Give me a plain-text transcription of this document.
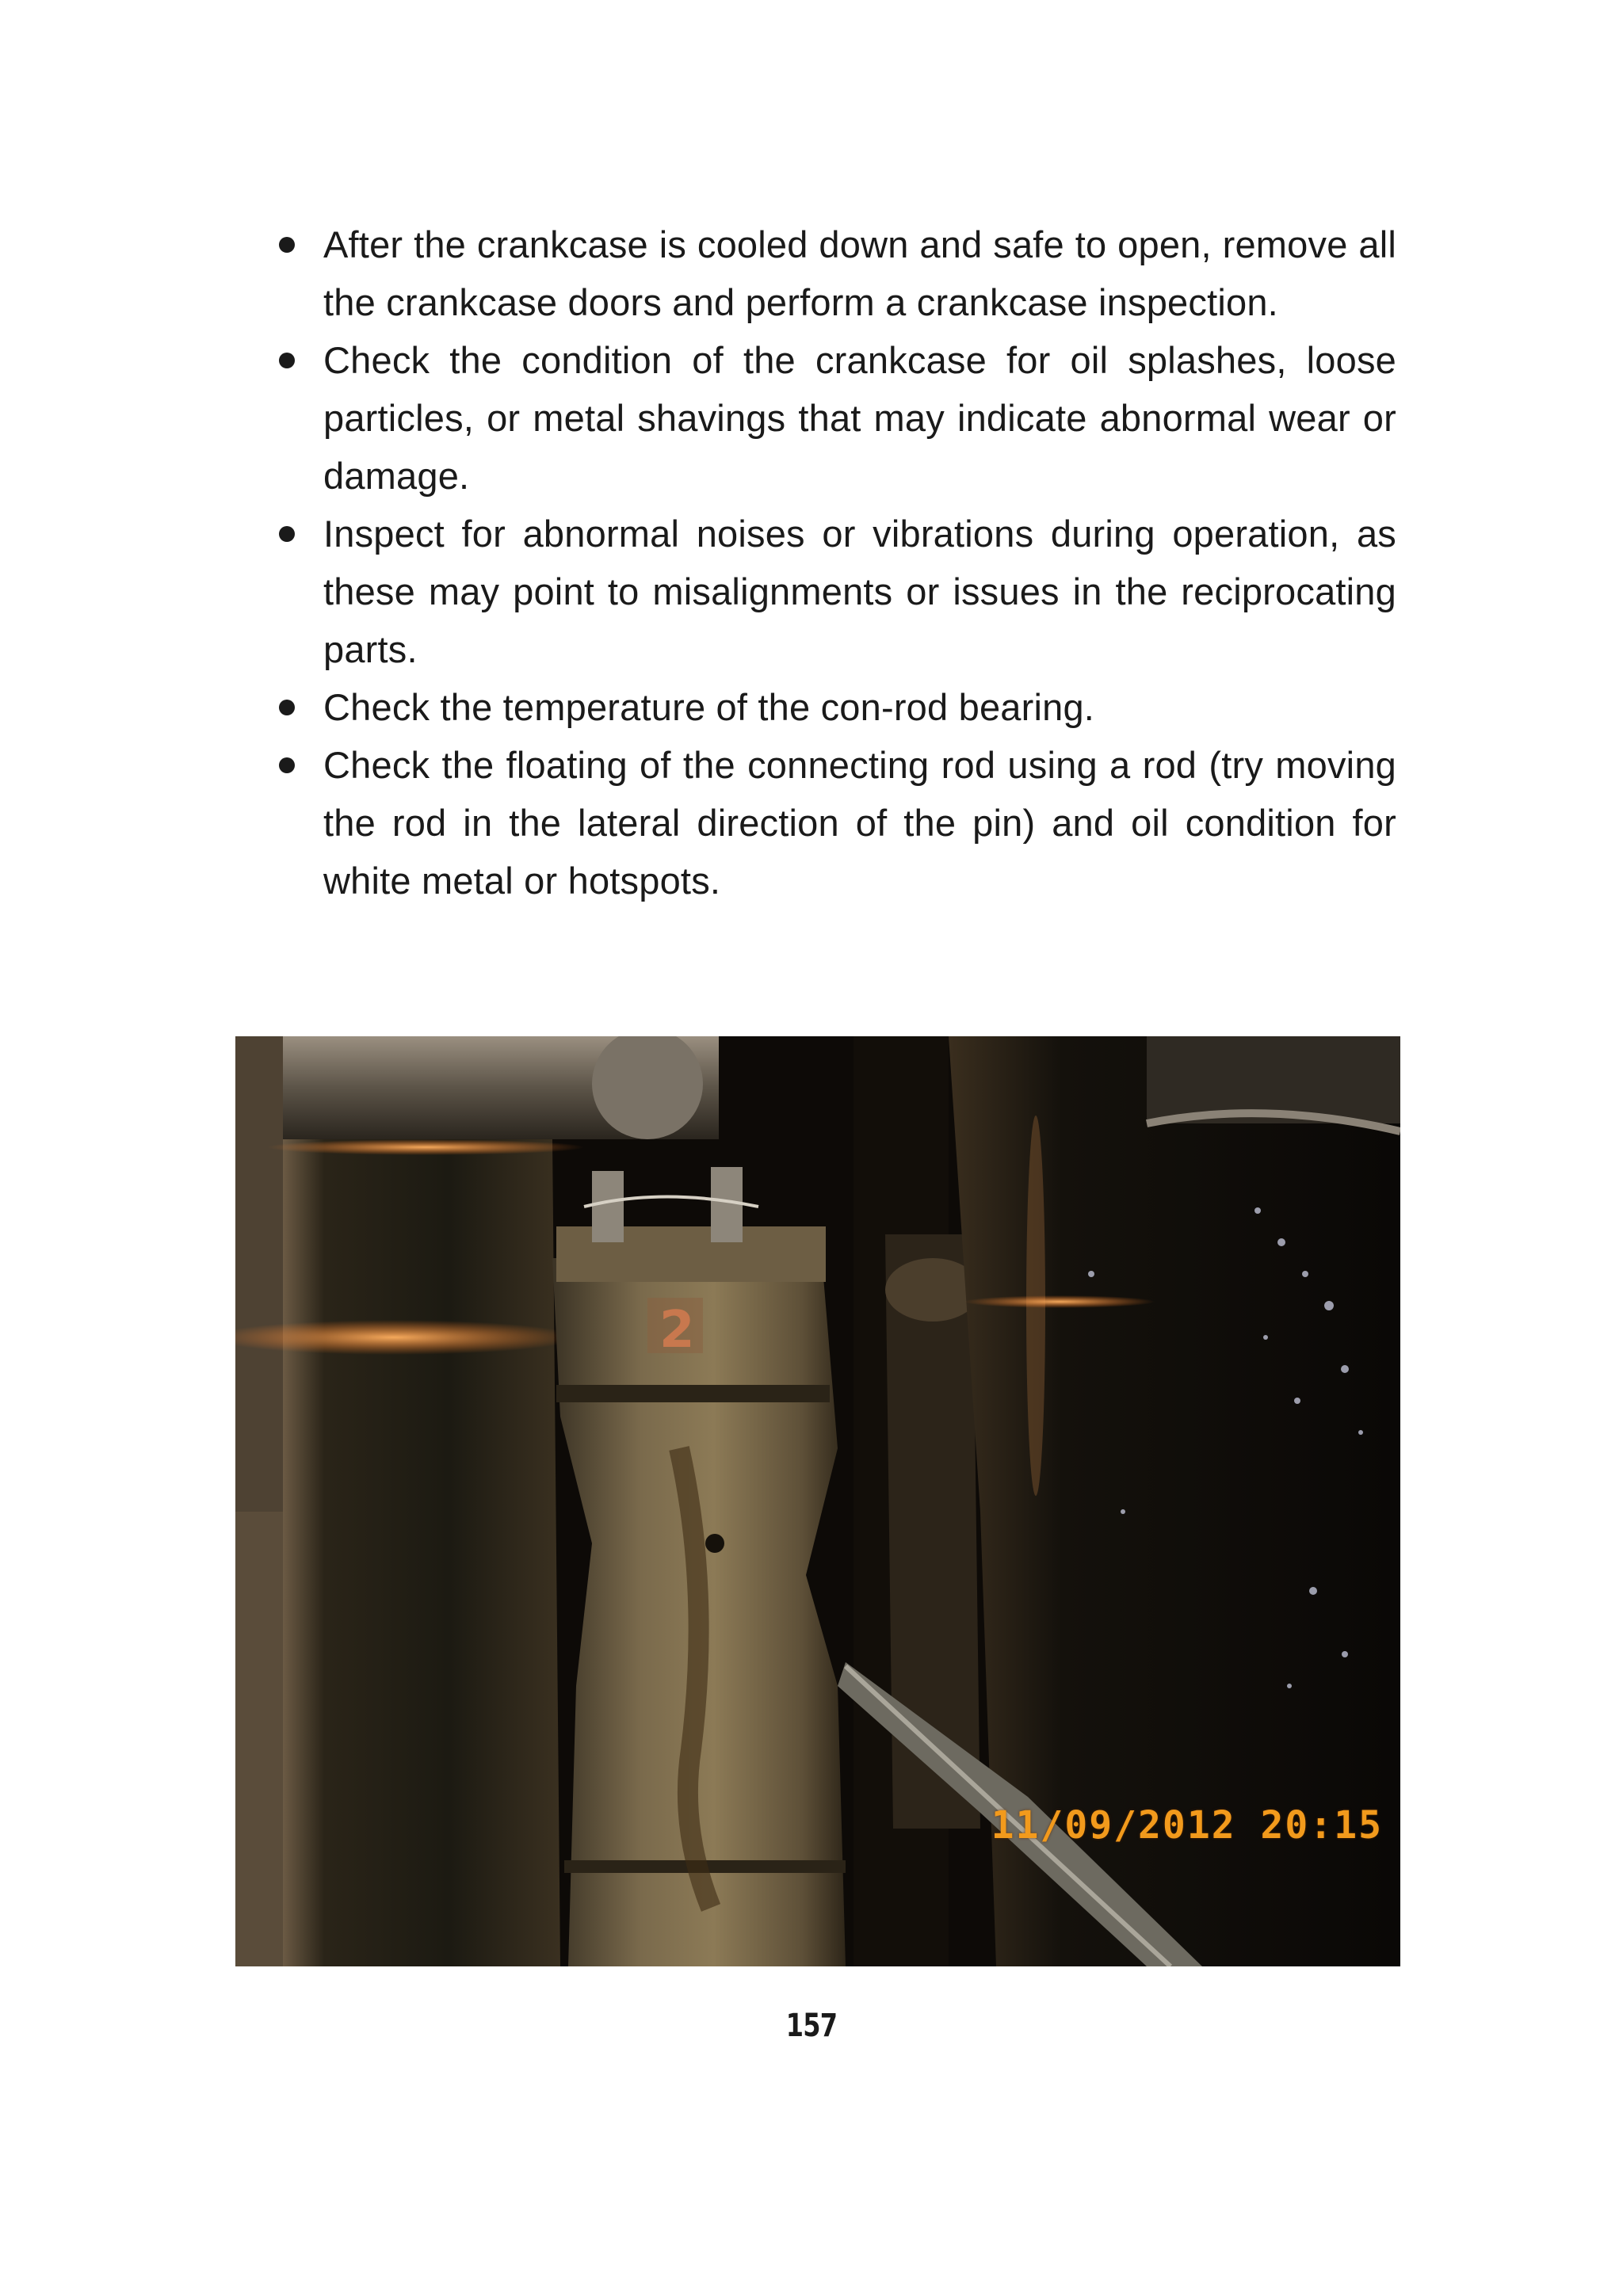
After the crankcase is cooled down and safe to open, remove all the crankcase doors and perform a crankcase inspection.
Check the condition of the crankcase for oil splashes, loose particles, or metal shavings that may indicate abnormal wear or damage.
Inspect for abnormal noises or vibrations during operation, as these may point to misalignments or issues in the reciprocating parts.
Check the temperature of the con-rod bearing.
Check the floating of the connecting rod using a rod (try moving the rod in the lateral direction of the pin) and oil condition for white metal or hotspots.
2
11/09/2012 20:15
157
